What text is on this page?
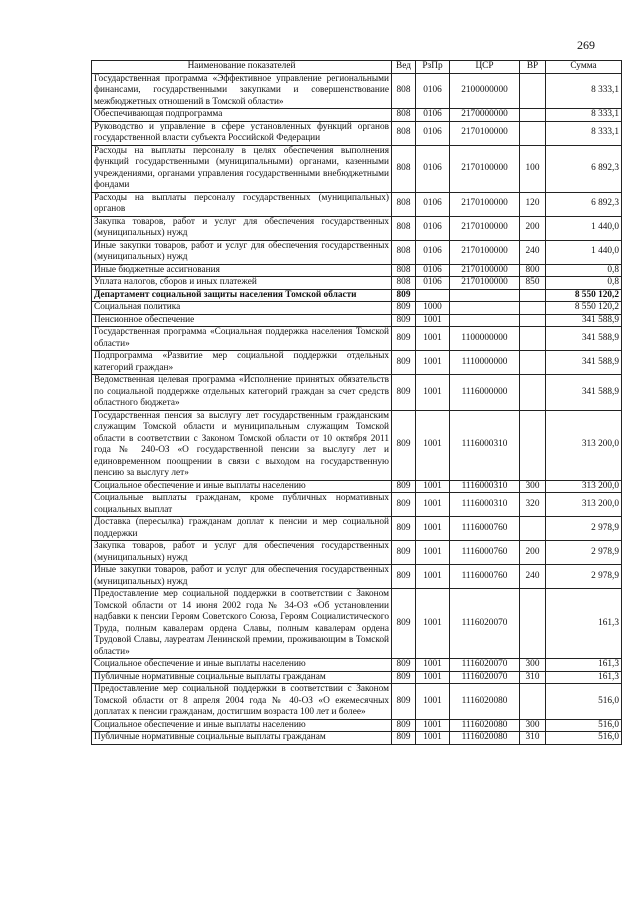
269
Наименование показателей	Вед	РзПр	ЦСР	ВР	Сумма
Государственная программа «Эффективное управление региональными финансами, государственными закупками и совершенствование межбюджетных отношений в Томской области»	808	0106	2100000000		8 333,1
Обеспечивающая подпрограмма	808	0106	2170000000		8 333,1
Руководство и управление в сфере установленных функций органов государственной власти субъекта Российской Федерации	808	0106	2170100000		8 333,1
Расходы на выплаты персоналу в целях обеспечения выполнения функций государственными (муниципальными) органами, казенными учреждениями, органами управления государственными внебюджетными фондами	808	0106	2170100000	100	6 892,3
Расходы на выплаты персоналу государственных (муниципальных) органов	808	0106	2170100000	120	6 892,3
Закупка товаров, работ и услуг для обеспечения государственных (муниципальных) нужд	808	0106	2170100000	200	1 440,0
Иные закупки товаров, работ и услуг для обеспечения государственных (муниципальных) нужд	808	0106	2170100000	240	1 440,0
Иные бюджетные ассигнования	808	0106	2170100000	800	0,8
Уплата налогов, сборов и иных платежей	808	0106	2170100000	850	0,8
Департамент социальной защиты населения Томской области	809				8 550 120,2
Социальная политика	809	1000			8 550 120,2
Пенсионное обеспечение	809	1001			341 588,9
Государственная программа «Социальная поддержка населения Томской области»	809	1001	1100000000		341 588,9
Подпрограмма «Развитие мер социальной поддержки отдельных категорий граждан»	809	1001	1110000000		341 588,9
Ведомственная целевая программа «Исполнение принятых обязательств по социальной поддержке отдельных категорий граждан за счет средств областного бюджета»	809	1001	1116000000		341 588,9
Государственная пенсия за выслугу лет государственным гражданским служащим Томской области и муниципальным служащим Томской области в соответствии с Законом Томской области от 10 октября 2011 года № 240-ОЗ «О государственной пенсии за выслугу лет и единовременном поощрении в связи с выходом на государственную пенсию за выслугу лет»	809	1001	1116000310		313 200,0
Социальное обеспечение и иные выплаты населению	809	1001	1116000310	300	313 200,0
Социальные выплаты гражданам, кроме публичных нормативных социальных выплат	809	1001	1116000310	320	313 200,0
Доставка (пересылка) гражданам доплат к пенсии и мер социальной поддержки	809	1001	1116000760		2 978,9
Закупка товаров, работ и услуг для обеспечения государственных (муниципальных) нужд	809	1001	1116000760	200	2 978,9
Иные закупки товаров, работ и услуг для обеспечения государственных (муниципальных) нужд	809	1001	1116000760	240	2 978,9
Предоставление мер социальной поддержки в соответствии с Законом Томской области от 14 июня 2002 года № 34-ОЗ «Об установлении надбавки к пенсии Героям Советского Союза, Героям Социалистического Труда, полным кавалерам ордена Славы, полным кавалерам ордена Трудовой Славы, лауреатам Ленинской премии, проживающим в Томской области»	809	1001	1116020070		161,3
Социальное обеспечение и иные выплаты населению	809	1001	1116020070	300	161,3
Публичные нормативные социальные выплаты гражданам	809	1001	1116020070	310	161,3
Предоставление мер социальной поддержки в соответствии с Законом Томской области от 8 апреля 2004 года № 40-ОЗ «О ежемесячных доплатах к пенсии гражданам, достигшим возраста 100 лет и более»	809	1001	1116020080		516,0
Социальное обеспечение и иные выплаты населению	809	1001	1116020080	300	516,0
Публичные нормативные социальные выплаты гражданам	809	1001	1116020080	310	516,0
